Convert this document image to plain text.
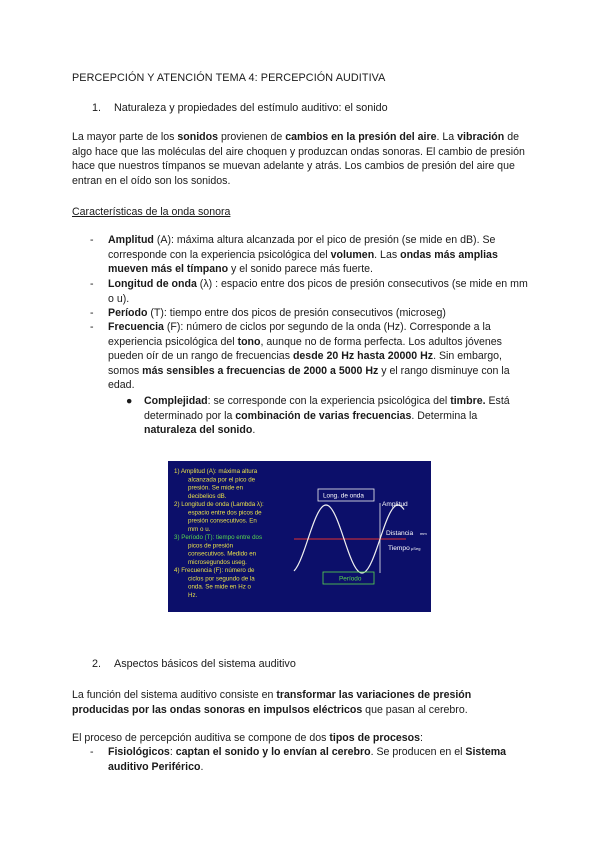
PERCEPCIÓN Y ATENCIÓN TEMA 4: PERCEPCIÓN AUDITIVA
1. Naturaleza y propiedades del estímulo auditivo: el sonido

La mayor parte de los sonidos provienen de cambios en la presión del aire. La vibración de algo hace que las moléculas del aire choquen y produzcan ondas sonoras. El cambio de presión hace que nuestros tímpanos se muevan adelante y atrás. Los cambios de presión del aire que entran en el oído son los sonidos.

Características de la onda sonora
- Amplitud (A): máxima altura alcanzada por el pico de presión (se mide en dB). Se corresponde con la experiencia psicológica del volumen. Las ondas más amplias mueven más el tímpano y el sonido parece más fuerte.
- Longitud de onda (λ) : espacio entre dos picos de presión consecutivos (se mide en mm o u).
- Período (T): tiempo entre dos picos de presión consecutivos (microseg)
- Frecuencia (F): número de ciclos por segundo de la onda (Hz). Corresponde a la experiencia psicológica del tono, aunque no de forma perfecta. Los adultos jóvenes pueden oír de un rango de frecuencias desde 20 Hz hasta 20000 Hz. Sin embargo, somos más sensibles a frecuencias de 2000 a 5000 Hz y el rango disminuye con la edad.
● Complejidad: se corresponde con la experiencia psicológica del timbre. Está determinado por la combinación de varias frecuencias. Determina la naturaleza del sonido.
1) Amplitud (A): máxima altura
alcanzada por el pico de
presión. Se mide en
decibelios dB.
2) Longitud de onda (Lambda λ):
espacio entre dos picos de
presión consecutivos. En
mm o u.
3) Período (T): tiempo entre dos
picos de presión
consecutivos. Medido en
microsegundos useg.
4) Frecuencia (F): número de
ciclos por segundo de la
onda. Se mide en Hz o
Hz.
Long. de onda
Amplitud
Distancia mm
Tiempo µSeg
Período
2. Aspectos básicos del sistema auditivo

La función del sistema auditivo consiste en transformar las variaciones de presión producidas por las ondas sonoras en impulsos eléctricos que pasan al cerebro.

El proceso de percepción auditiva se compone de dos tipos de procesos:

- Fisiológicos: captan el sonido y lo envían al cerebro. Se producen en el Sistema auditivo Periférico.
